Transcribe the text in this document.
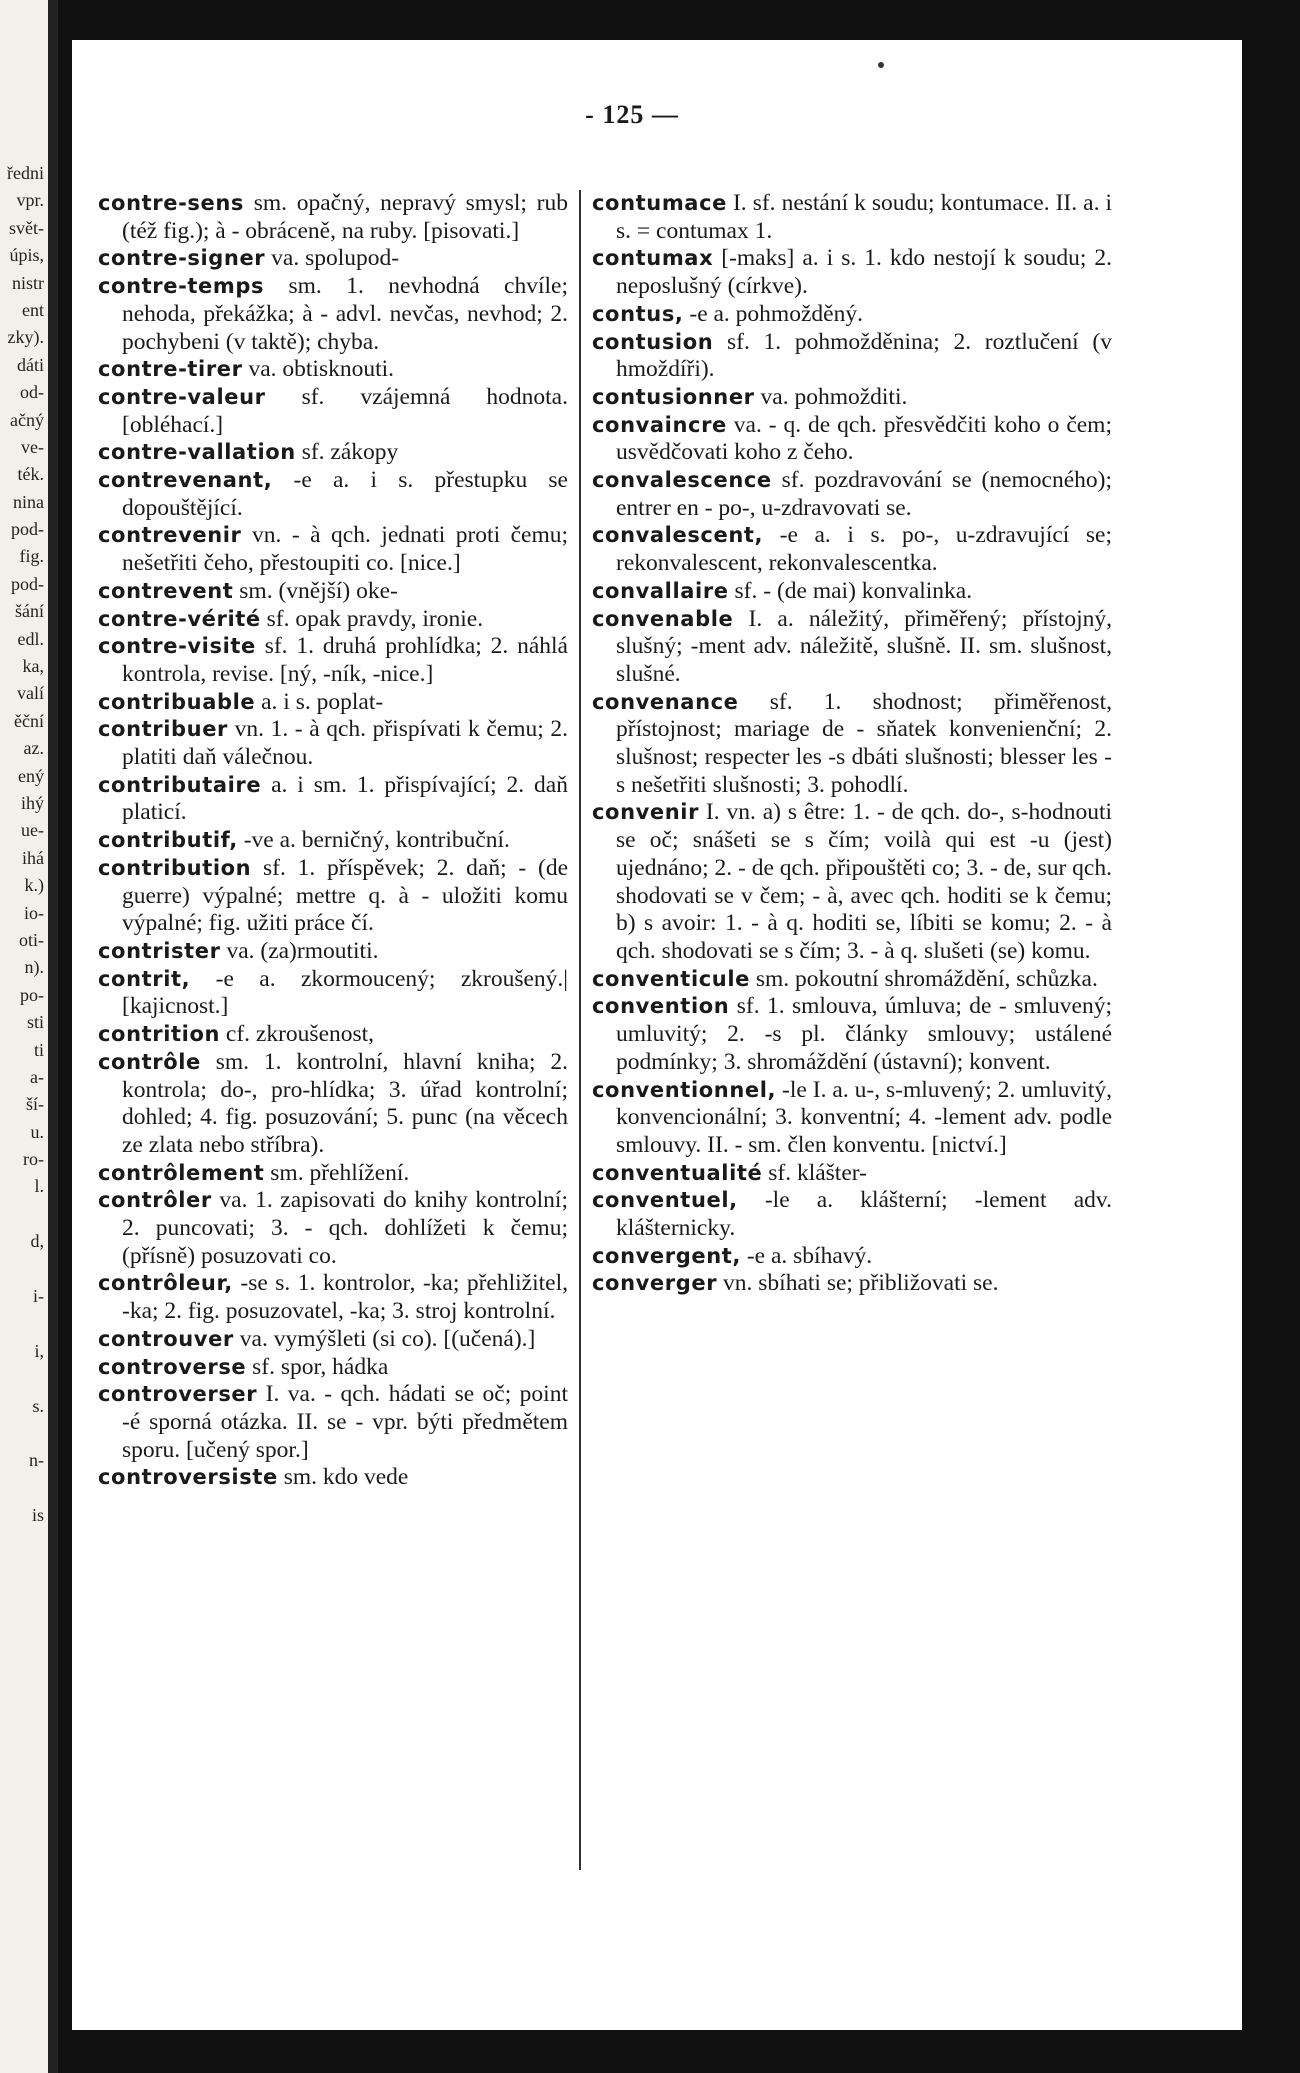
ředni
vpr.
svět-
úpis,
nistr
ent
zky).
dáti
od-
ačný
ve-
ték.
nina
pod-
fig.
pod-
šání
edl.
ka,
valí
ěční
az.
ený
ihý
ue-
ihá
k.)
io-
oti-
n).
po-
sti
ti
a-
ší-
u.
ro-
l.
d,
i-
i,
s.
n-
is
- 125 —

contre-sens sm. opačný, nepravý smysl; rub (též fig.); à - obráceně, na ruby. [pisovati.]

contre-signer va. spolupod-

contre-temps sm. 1. nevhodná chvíle; nehoda, překážka; à - advl. nevčas, nevhod; 2. pochybeni (v taktě); chyba.

contre-tirer va. obtisknouti.

contre-valeur sf. vzájemná hodnota. [obléhací.]

contre-vallation sf. zákopy

contrevenant, -e a. i s. přestupku se dopouštějící.

contrevenir vn. - à qch. jednati proti čemu; nešetřiti čeho, přestoupiti co. [nice.]

contrevent sm. (vnější) oke-

contre-vérité sf. opak pravdy, ironie.

contre-visite sf. 1. druhá prohlídka; 2. náhlá kontrola, revise. [ný, -ník, -nice.]

contribuable a. i s. poplat-

contribuer vn. 1. - à qch. přispívati k čemu; 2. platiti daň válečnou.

contributaire a. i sm. 1. přispívající; 2. daň platicí.

contributif, -ve a. berničný, kontribuční.

contribution sf. 1. příspěvek; 2. daň; - (de guerre) výpalné; mettre q. à - uložiti komu výpalné; fig. užiti práce čí.

contrister va. (za)rmoutiti.

contrit, -e a. zkormoucený; zkroušený.| [kajicnost.]

contrition cf. zkroušenost,

contrôle sm. 1. kontrolní, hlavní kniha; 2. kontrola; do-, pro-hlídka; 3. úřad kontrolní; dohled; 4. fig. posuzování; 5. punc (na věcech ze zlata nebo stříbra).

contrôlement sm. přehlížení.

contrôler va. 1. zapisovati do knihy kontrolní; 2. puncovati; 3. - qch. dohlížeti k čemu; (přísně) posuzovati co.

contrôleur, -se s. 1. kontrolor, -ka; přehližitel, -ka; 2. fig. posuzovatel, -ka; 3. stroj kontrolní.

controuver va. vymýšleti (si co). [(učená).]

controverse sf. spor, hádka

controverser I. va. - qch. hádati se oč; point -é sporná otázka. II. se - vpr. býti předmětem sporu. [učený spor.]

controversiste sm. kdo vede

contumace I. sf. nestání k soudu; kontumace. II. a. i s. = contumax 1.

contumax [-maks] a. i s. 1. kdo nestojí k soudu; 2. neposlušný (církve).

contus, -e a. pohmožděný.

contusion sf. 1. pohmožděnina; 2. roztlučení (v hmoždíři).

contusionner va. pohmožditi.

convaincre va. - q. de qch. přesvědčiti koho o čem; usvědčovati koho z čeho.

convalescence sf. pozdravování se (nemocného); entrer en - po-, u-zdravovati se.

convalescent, -e a. i s. po-, u-zdravující se; rekonvalescent, rekonvalescentka.

convallaire sf. - (de mai) konvalinka.

convenable I. a. náležitý, přiměřený; přístojný, slušný; -ment adv. náležitě, slušně. II. sm. slušnost, slušné.

convenance sf. 1. shodnost; přiměřenost, přístojnost; mariage de - sňatek konvenienční; 2. slušnost; respecter les -s dbáti slušnosti; blesser les -s nešetřiti slušnosti; 3. pohodlí.

convenir I. vn. a) s être: 1. - de qch. do-, s-hodnouti se oč; snášeti se s čím; voilà qui est -u (jest) ujednáno; 2. - de qch. připouštěti co; 3. - de, sur qch. shodovati se v čem; - à, avec qch. hoditi se k čemu; b) s avoir: 1. - à q. hoditi se, líbiti se komu; 2. - à qch. shodovati se s čím; 3. - à q. slušeti (se) komu.

conventicule sm. pokoutní shromáždění, schůzka.

convention sf. 1. smlouva, úmluva; de - smluvený; umluvitý; 2. -s pl. články smlouvy; ustálené podmínky; 3. shromáždění (ústavní); konvent.

conventionnel, -le I. a. u-, s-mluvený; 2. umluvitý, konvencionální; 3. konventní; 4. -lement adv. podle smlouvy. II. - sm. člen konventu. [nictví.]

conventualité sf. klášter-

conventuel, -le a. klášterní; -lement adv. klášternicky.

convergent, -e a. sbíhavý.

converger vn. sbíhati se; přibližovati se.
